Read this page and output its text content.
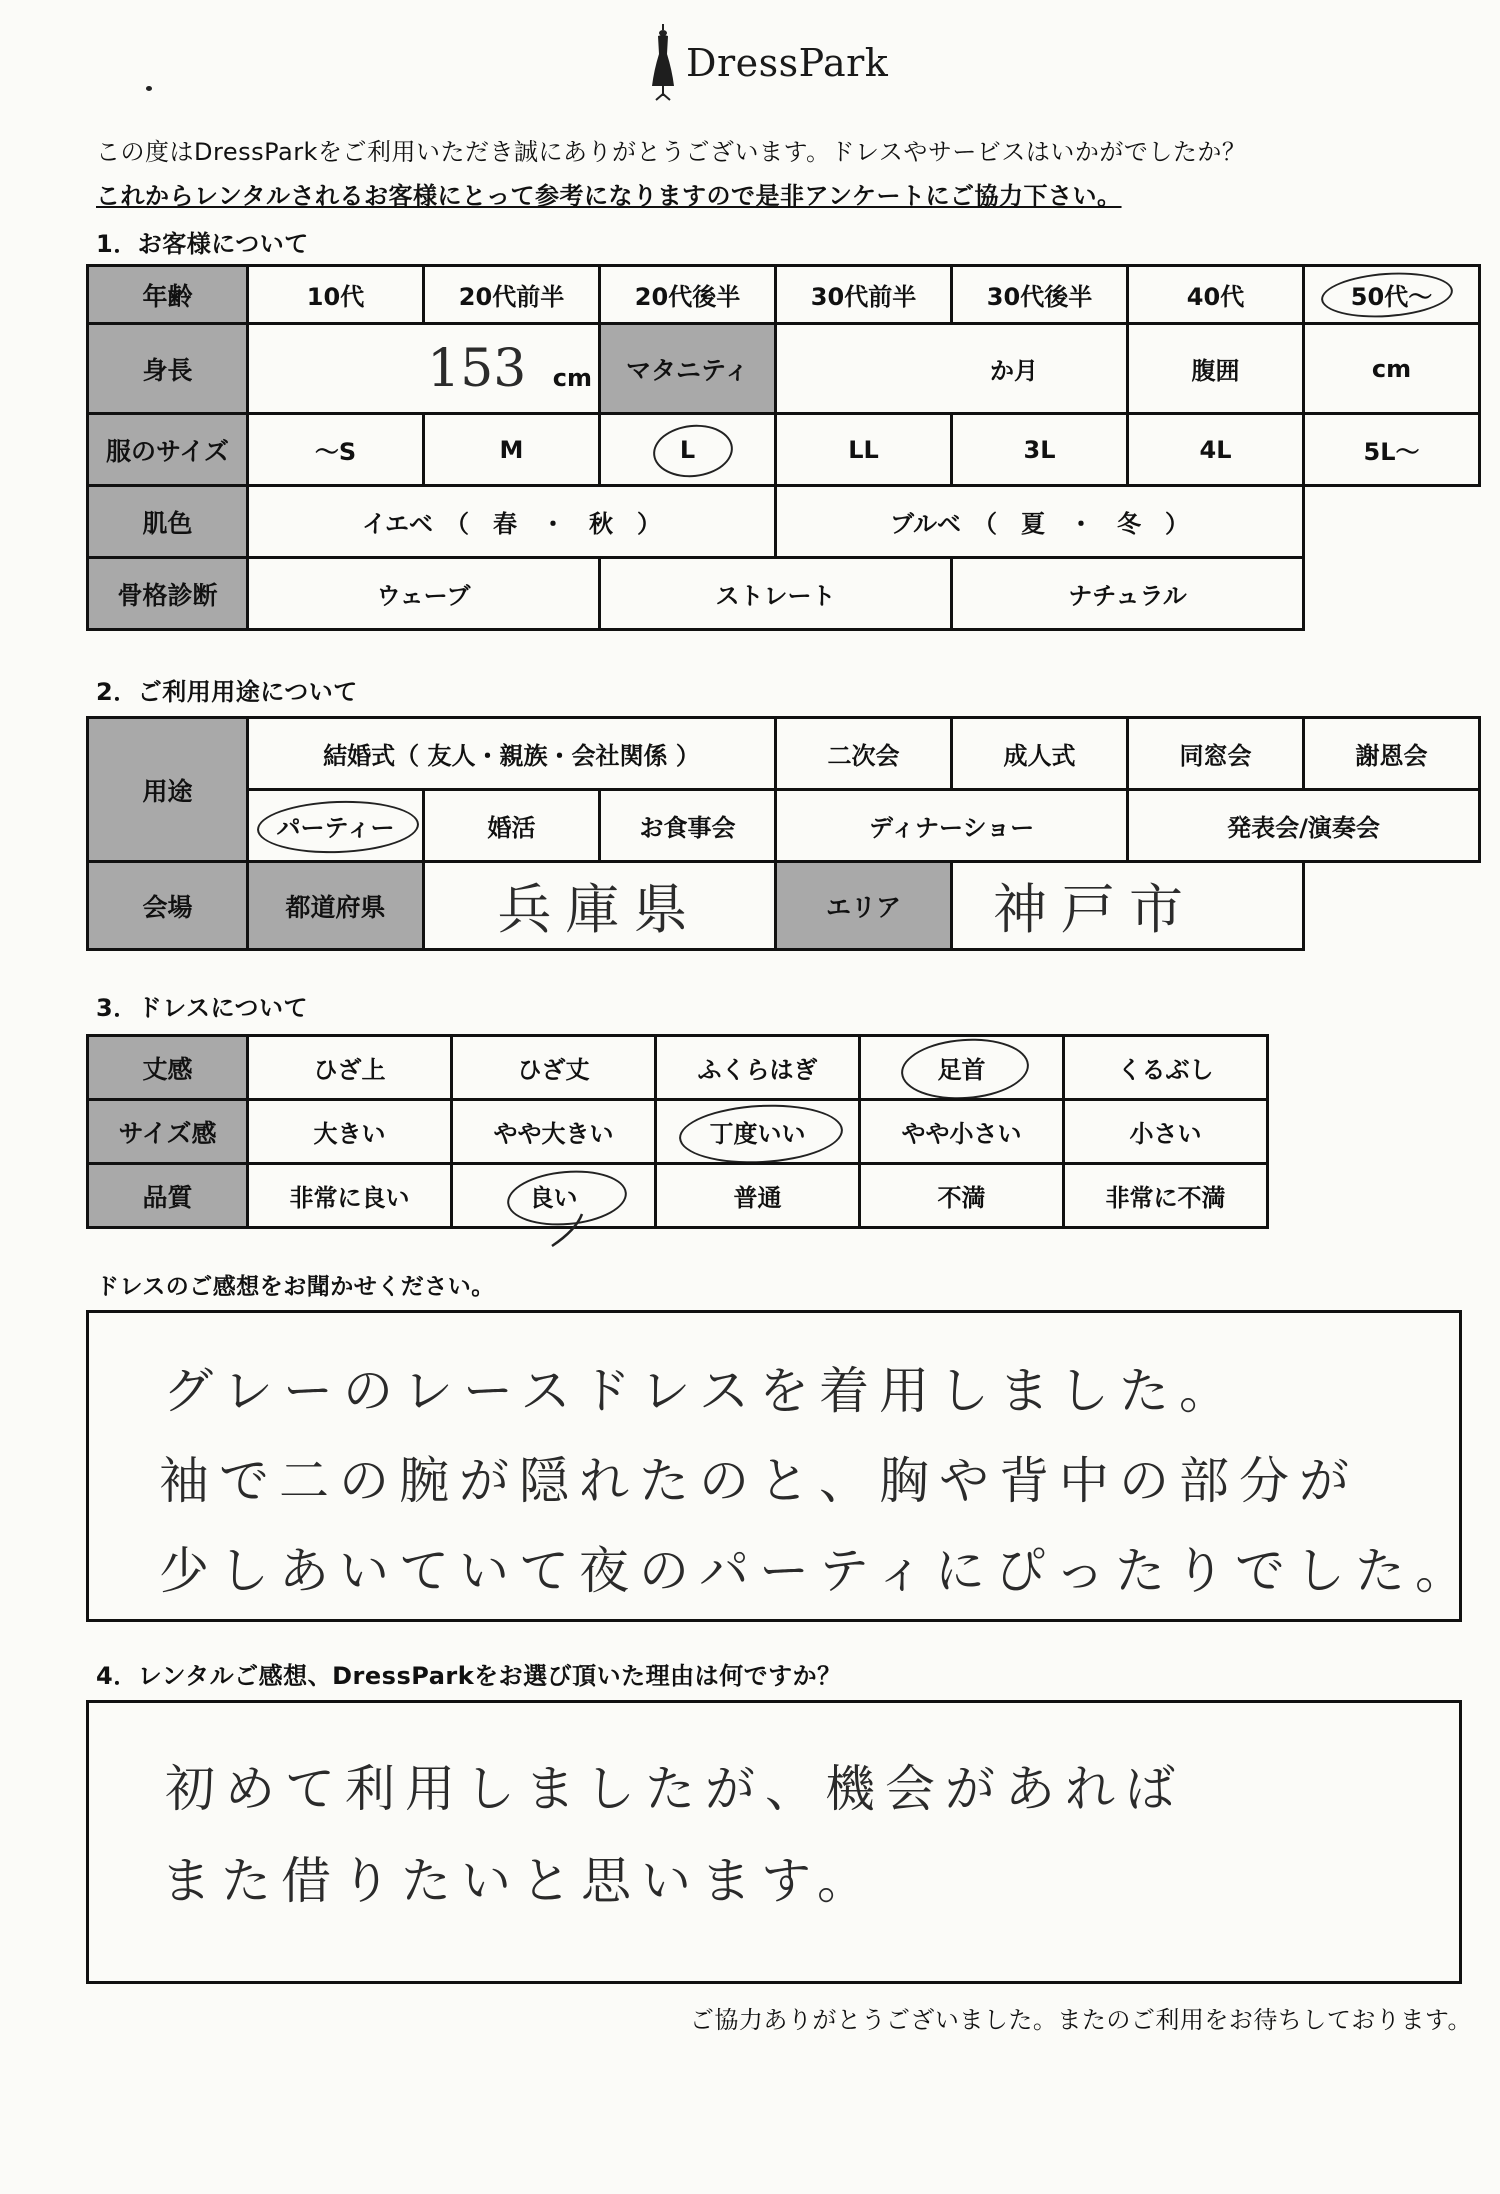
DressPark
この度はDressParkをご利用いただき誠にありがとうございます。ドレスやサービスはいかがでしたか？
これからレンタルされるお客様にとって参考になりますので是非アンケートにご協力下さい。
1．お客様について
年齢	10代	20代前半	20代後半	30代前半	30代後半	40代	50代〜

身長	153 cm		マタニティ	か月		腹囲	cm
服のサイズ	〜S	M	L	LL	3L	4L	5L〜
肌色	イエベ　（　春　・　秋　）			ブルベ　（　夏　・　冬　）			
骨格診断	ウェーブ		ストレート		ナチュラル		
2．ご利用用途について
用途	結婚式（ 友人・親族・会社関係 ）			二次会	成人式	同窓会	謝恩会
	パーティー	婚活	お食事会	ディナーショー		発表会/演奏会	
会場	都道府県	兵庫県		エリア	神戸市		
3．ドレスについて
丈感	ひざ上	ひざ丈	ふくらはぎ	足首	くるぶし
サイズ感	大きい	やや大きい	丁度いい	やや小さい	小さい
品質	非常に良い	良い	普通	不満	非常に不満
ドレスのご感想をお聞かせください。
グレーのレースドレスを着用しました。
袖で二の腕が隠れたのと、胸や背中の部分が
少しあいていて夜のパーティにぴったりでした。
4．レンタルご感想、DressParkをお選び頂いた理由は何ですか？
初めて利用しましたが、機会があれば
また借りたいと思います。
ご協力ありがとうございました。またのご利用をお待ちしております。
